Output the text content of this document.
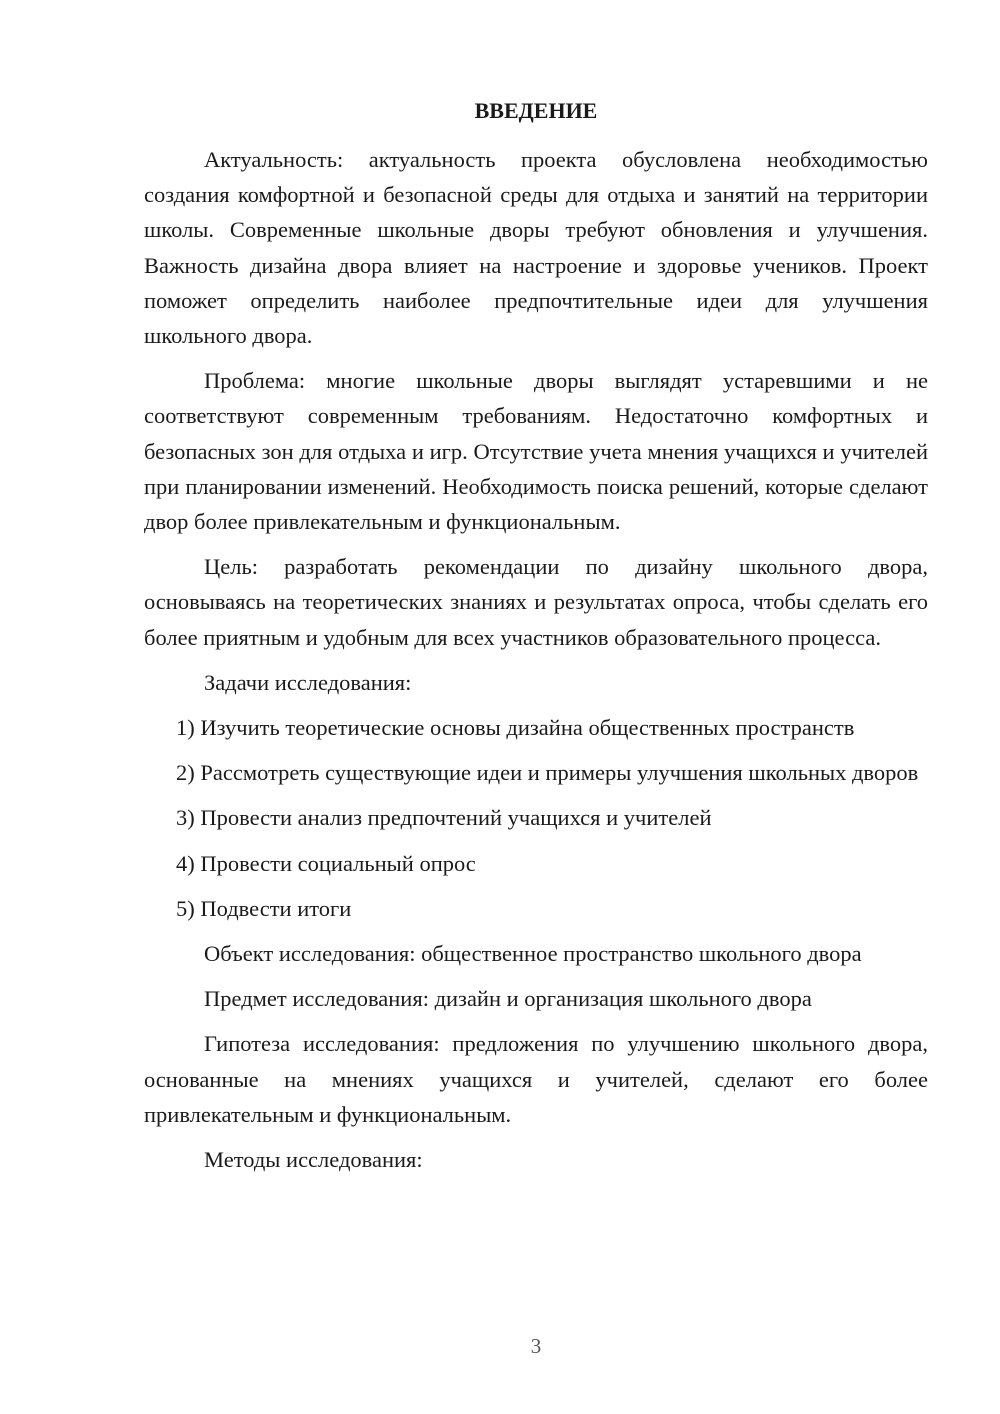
ВВЕДЕНИЕ

Актуальность: актуальность проекта обусловлена необходимостью создания комфортной и безопасной среды для отдыха и занятий на территории школы. Современные школьные дворы требуют обновления и улучшения. Важность дизайна двора влияет на настроение и здоровье учеников. Проект поможет определить наиболее предпочтительные идеи для улучшения школьного двора.

Проблема: многие школьные дворы выглядят устаревшими и не соответствуют современным требованиям. Недостаточно комфортных и безопасных зон для отдыха и игр. Отсутствие учета мнения учащихся и учителей при планировании изменений. Необходимость поиска решений, которые сделают двор более привлекательным и функциональным.

Цель: разработать рекомендации по дизайну школьного двора, основываясь на теоретических знаниях и результатах опроса, чтобы сделать его более приятным и удобным для всех участников образовательного процесса.

Задачи исследования:

1) Изучить теоретические основы дизайна общественных пространств

2) Рассмотреть существующие идеи и примеры улучшения школьных дворов

3) Провести анализ предпочтений учащихся и учителей

4) Провести социальный опрос

5) Подвести итоги

Объект исследования: общественное пространство школьного двора

Предмет исследования: дизайн и организация школьного двора

Гипотеза исследования: предложения по улучшению школьного двора, основанные на мнениях учащихся и учителей, сделают его более привлекательным и функциональным.

Методы исследования:

3
